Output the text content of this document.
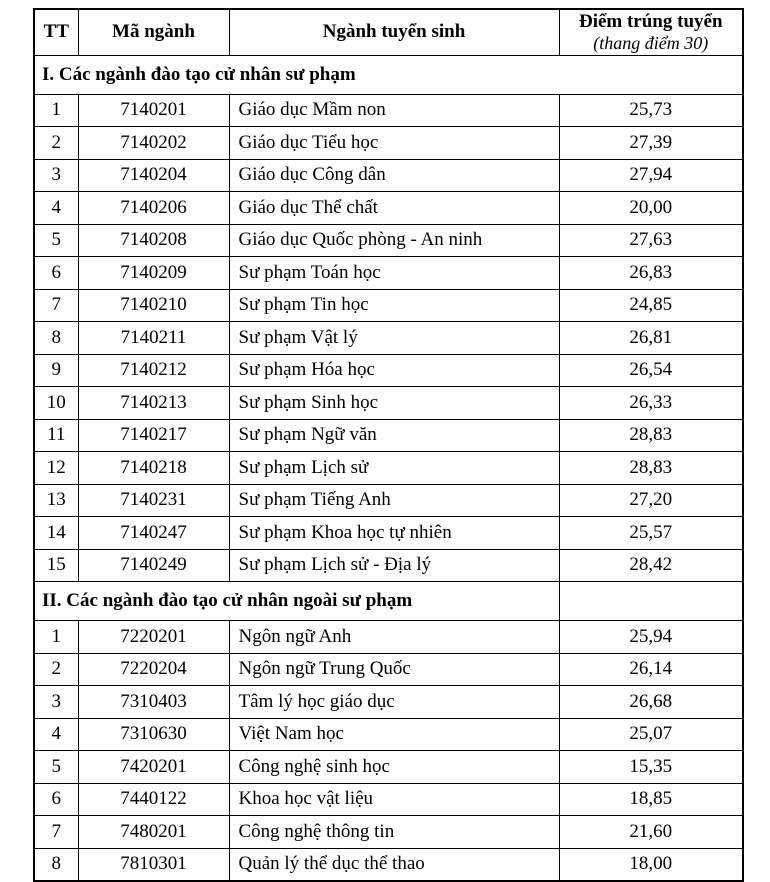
TT	Mã ngành	Ngành tuyển sinh	Điểm trúng tuyển
(thang điểm 30)

I. Các ngành đào tạo cử nhân sư phạm			
1	7140201	Giáo dục Mầm non	25,73
2	7140202	Giáo dục Tiểu học	27,39
3	7140204	Giáo dục Công dân	27,94
4	7140206	Giáo dục Thể chất	20,00
5	7140208	Giáo dục Quốc phòng - An ninh	27,63
6	7140209	Sư phạm Toán học	26,83
7	7140210	Sư phạm Tin học	24,85
8	7140211	Sư phạm Vật lý	26,81
9	7140212	Sư phạm Hóa học	26,54
10	7140213	Sư phạm Sinh học	26,33
11	7140217	Sư phạm Ngữ văn	28,83
12	7140218	Sư phạm Lịch sử	28,83
13	7140231	Sư phạm Tiếng Anh	27,20
14	7140247	Sư phạm Khoa học tự nhiên	25,57
15	7140249	Sư phạm Lịch sử - Địa lý	28,42
II. Các ngành đào tạo cử nhân ngoài sư phạm			
1	7220201	Ngôn ngữ Anh	25,94
2	7220204	Ngôn ngữ Trung Quốc	26,14
3	7310403	Tâm lý học giáo dục	26,68
4	7310630	Việt Nam học	25,07
5	7420201	Công nghệ sinh học	15,35
6	7440122	Khoa học vật liệu	18,85
7	7480201	Công nghệ thông tin	21,60
8	7810301	Quản lý thể dục thể thao	18,00
